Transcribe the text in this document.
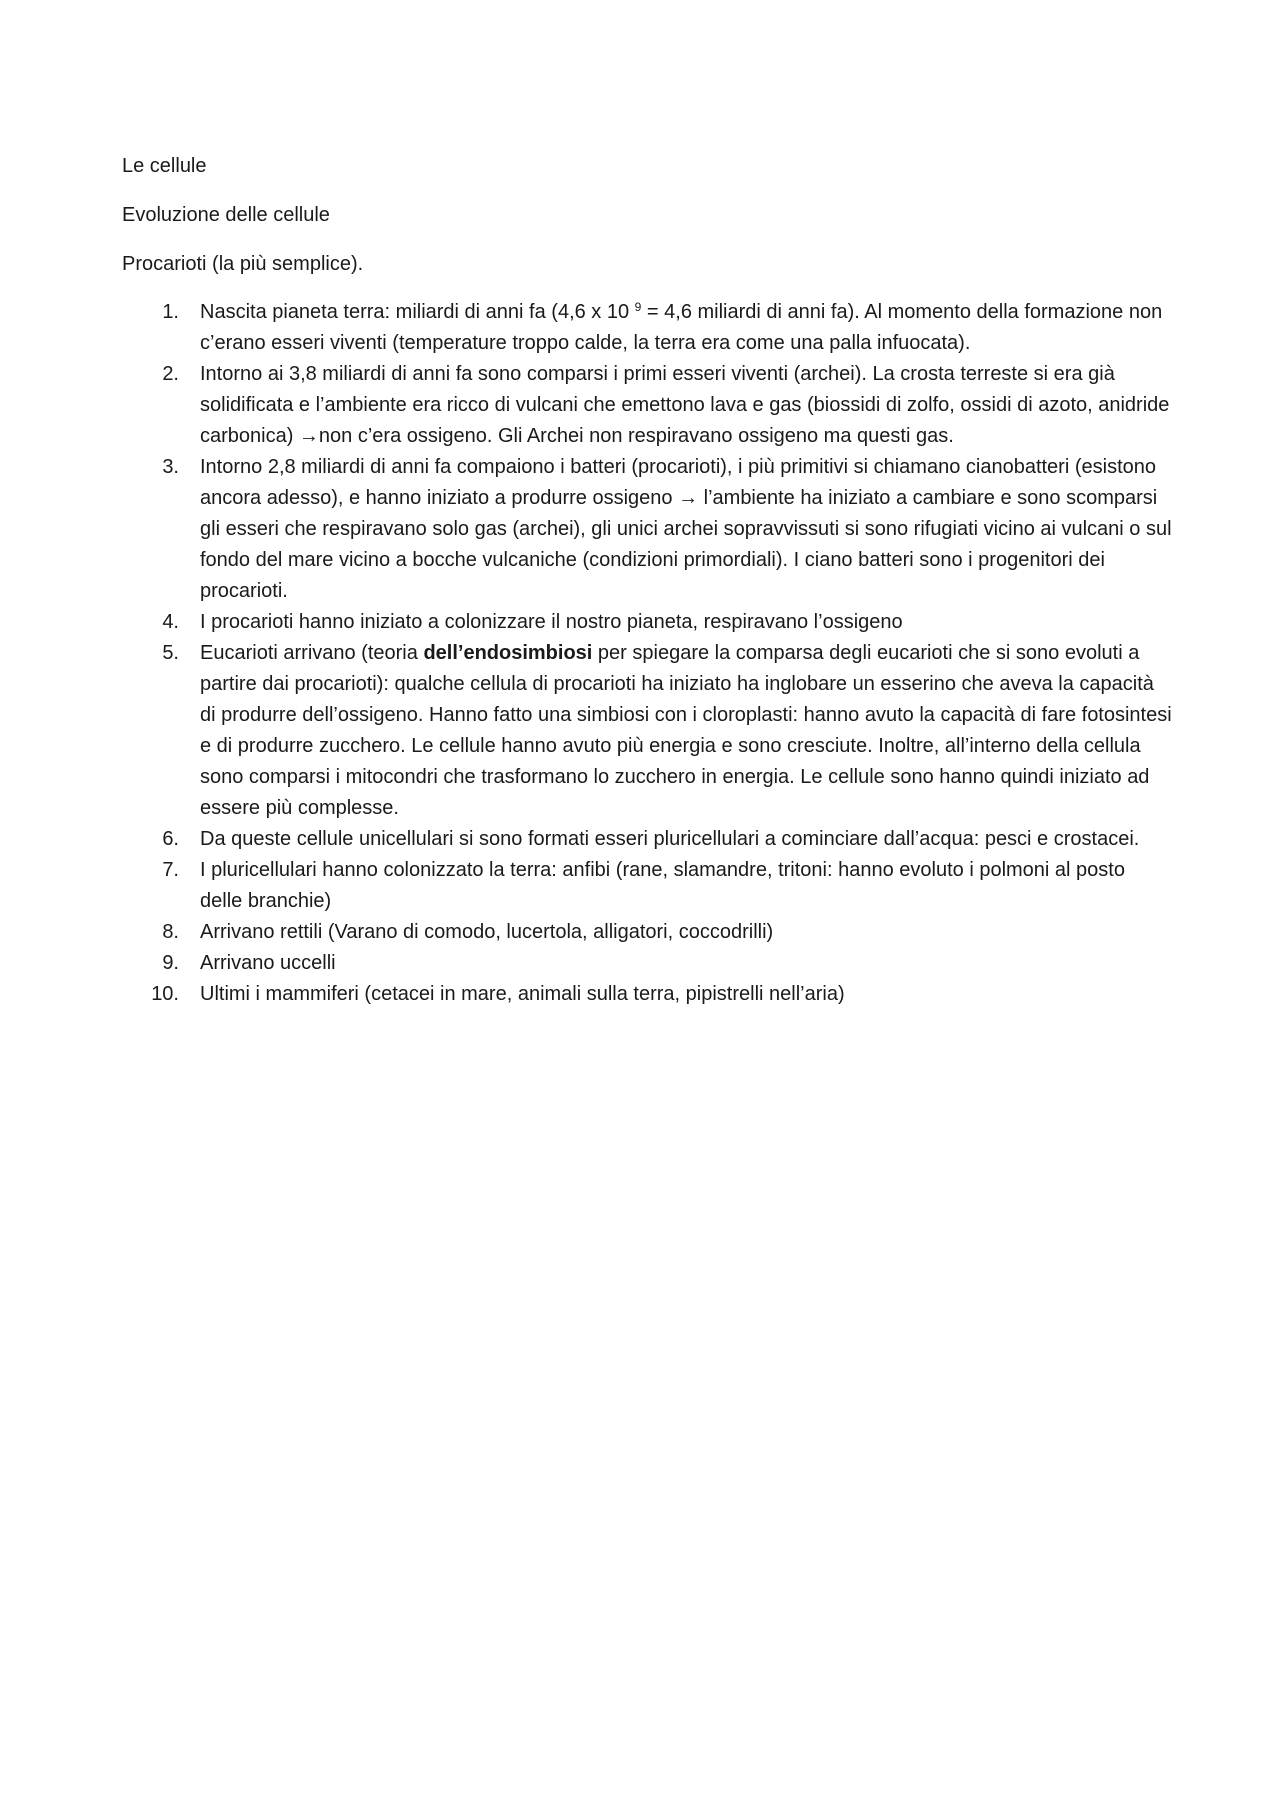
Le cellule

Evoluzione delle cellule

Procarioti (la più semplice).

1. Nascita pianeta terra: miliardi di anni fa (4,6 x 10 $^9$ = 4,6 miliardi di anni fa). Al momento della formazione non c’erano esseri viventi (temperature troppo calde, la terra era come una palla infuocata).
2. Intorno ai 3,8 miliardi di anni fa sono comparsi i primi esseri viventi (archei). La crosta terreste si era già solidificata e l’ambiente era ricco di vulcani che emettono lava e gas (biossidi di zolfo, ossidi di azoto, anidride carbonica) →non c’era ossigeno. Gli Archei non respiravano ossigeno ma questi gas.
3. Intorno 2,8 miliardi di anni fa compaiono i batteri (procarioti), i più primitivi si chiamano cianobatteri (esistono ancora adesso), e hanno iniziato a produrre ossigeno → l’ambiente ha iniziato a cambiare e sono scomparsi gli esseri che respiravano solo gas (archei), gli unici archei sopravvissuti si sono rifugiati vicino ai vulcani o sul fondo del mare vicino a bocche vulcaniche (condizioni primordiali). I ciano batteri sono i progenitori dei procarioti.
4. I procarioti hanno iniziato a colonizzare il nostro pianeta, respiravano l’ossigeno
5. Eucarioti arrivano (teoria dell’endosimbiosi per spiegare la comparsa degli eucarioti che si sono evoluti a partire dai procarioti): qualche cellula di procarioti ha iniziato ha inglobare un esserino che aveva la capacità di produrre dell’ossigeno. Hanno fatto una simbiosi con i cloroplasti: hanno avuto la capacità di fare fotosintesi e di produrre zucchero. Le cellule hanno avuto più energia e sono cresciute. Inoltre, all’interno della cellula sono comparsi i mitocondri che trasformano lo zucchero in energia. Le cellule sono hanno quindi iniziato ad essere più complesse.
6. Da queste cellule unicellulari si sono formati esseri pluricellulari a cominciare dall’acqua: pesci e crostacei.
7. I pluricellulari hanno colonizzato la terra: anfibi (rane, slamandre, tritoni: hanno evoluto i polmoni al posto delle branchie)
8. Arrivano rettili (Varano di comodo, lucertola, alligatori, coccodrilli)
9. Arrivano uccelli
10. Ultimi i mammiferi (cetacei in mare, animali sulla terra, pipistrelli nell’aria)
